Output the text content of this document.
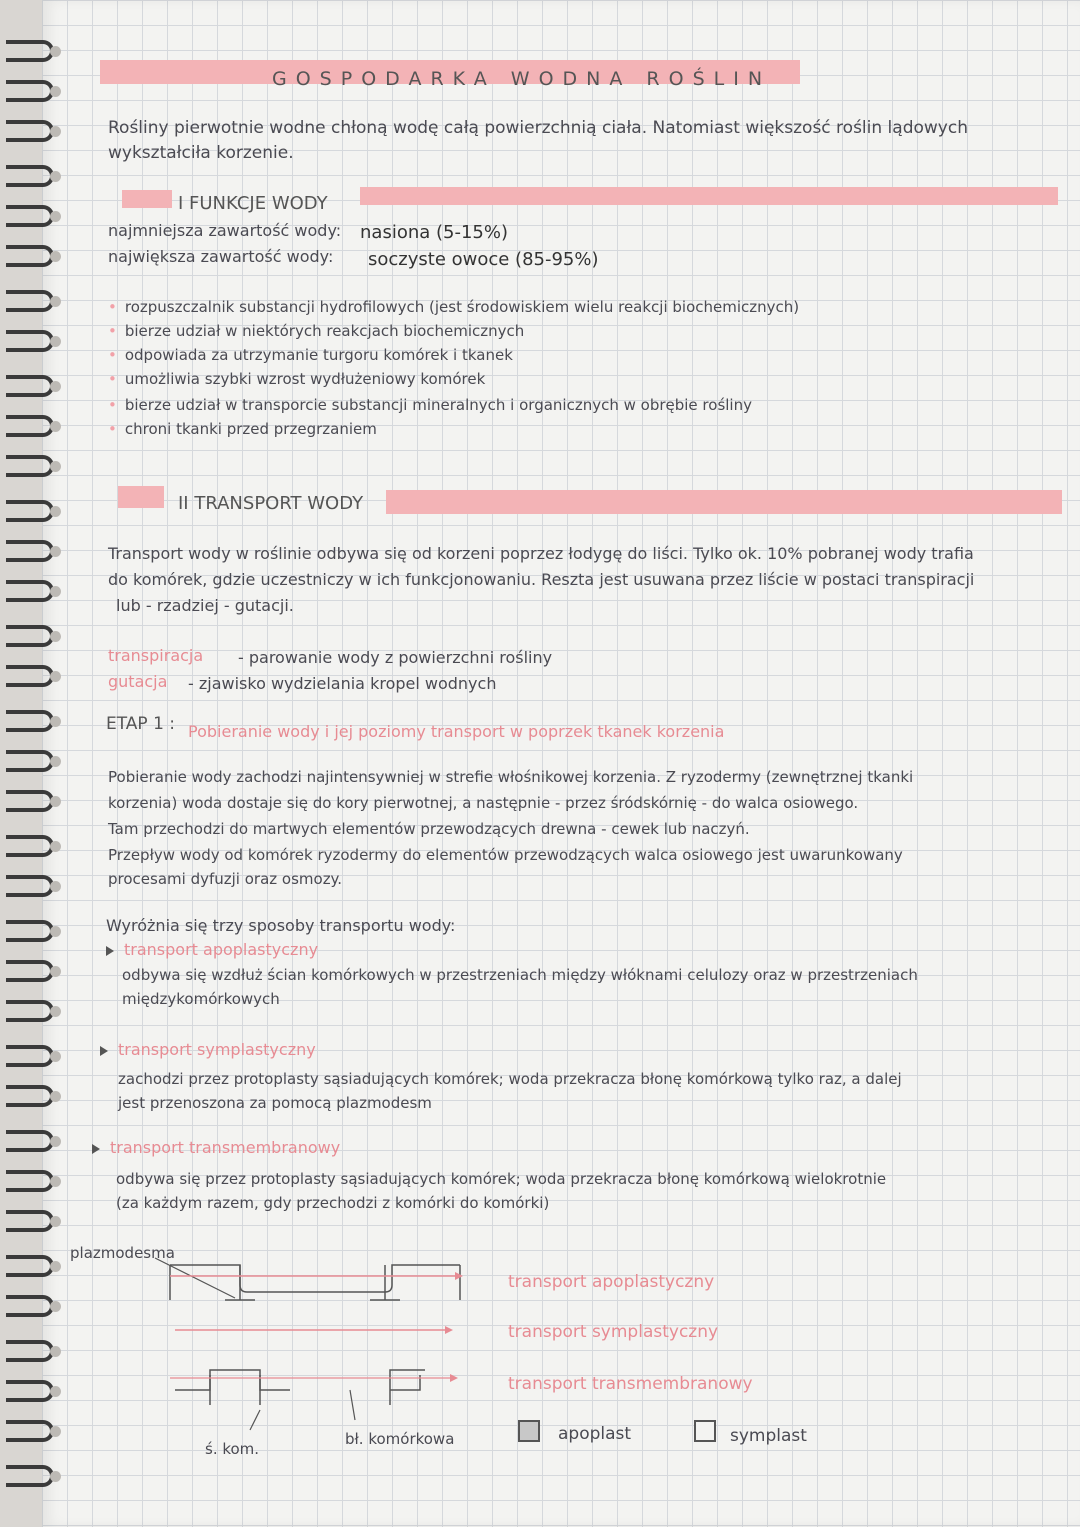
GOSPODARKA WODNA ROŚLIN
Rośliny pierwotnie wodne chłoną wodę całą powierzchnią ciała. Natomiast większość roślin lądowych
wykształciła korzenie.
I FUNKCJE WODY
najmniejsza zawartość wody: nasiona (5-15%)
największa zawartość wody: soczyste owoce (85-95%)
• rozpuszczalnik substancji hydrofilowych (jest środowiskiem wielu reakcji biochemicznych)
• bierze udział w niektórych reakcjach biochemicznych
• odpowiada za utrzymanie turgoru komórek i tkanek
• umożliwia szybki wzrost wydłużeniowy komórek
• bierze udział w transporcie substancji mineralnych i organicznych w obrębie rośliny
• chroni tkanki przed przegrzaniem
II TRANSPORT WODY
Transport wody w roślinie odbywa się od korzeni poprzez łodygę do liści. Tylko ok. 10% pobranej wody trafia
do komórek, gdzie uczestniczy w ich funkcjonowaniu. Reszta jest usuwana przez liście w postaci transpiracji
lub - rzadziej - gutacji.
transpiracja - parowanie wody z powierzchni rośliny
gutacja - zjawisko wydzielania kropel wodnych
ETAP 1 : Pobieranie wody i jej poziomy transport w poprzek tkanek korzenia
Pobieranie wody zachodzi najintensywniej w strefie włośnikowej korzenia. Z ryzodermy (zewnętrznej tkanki
korzenia) woda dostaje się do kory pierwotnej, a następnie - przez śródskórnię - do walca osiowego.
Tam przechodzi do martwych elementów przewodzących drewna - cewek lub naczyń.
Przepływ wody od komórek ryzodermy do elementów przewodzących walca osiowego jest uwarunkowany
procesami dyfuzji oraz osmozy.
Wyróżnia się trzy sposoby transportu wody:
transport apoplastyczny
odbywa się wzdłuż ścian komórkowych w przestrzeniach między włóknami celulozy oraz w przestrzeniach
międzykomórkowych
transport symplastyczny
zachodzi przez protoplasty sąsiadujących komórek; woda przekracza błonę komórkową tylko raz, a dalej
jest przenoszona za pomocą plazmodesm
transport transmembranowy
odbywa się przez protoplasty sąsiadujących komórek; woda przekracza błonę komórkową wielokrotnie
(za każdym razem, gdy przechodzi z komórki do komórki)
plazmodesma
ś. kom.
bł. komórkowa
transport apoplastyczny
transport symplastyczny
transport transmembranowy
apoplast	symplast
